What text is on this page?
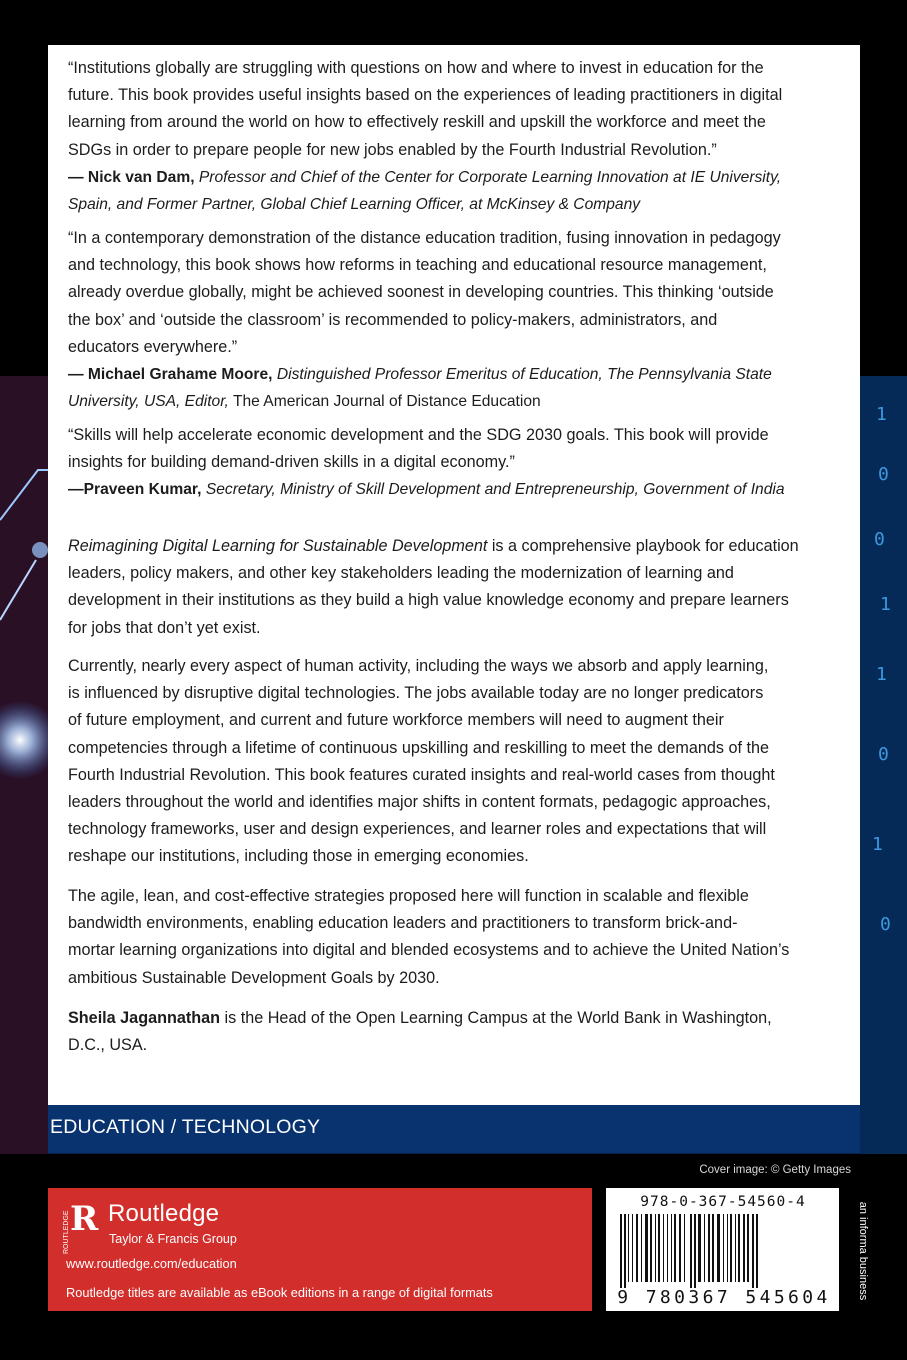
1
0
0
1
1
0
1
0
“Institutions globally are struggling with questions on how and where to invest in education for the
future. This book provides useful insights based on the experiences of leading practitioners in digital
learning from around the world on how to effectively reskill and upskill the workforce and meet the
SDGs in order to prepare people for new jobs enabled by the Fourth Industrial Revolution.”
— Nick van Dam, Professor and Chief of the Center for Corporate Learning Innovation at IE University,
Spain, and Former Partner, Global Chief Learning Officer, at McKinsey & Company
“In a contemporary demonstration of the distance education tradition, fusing innovation in pedagogy
and technology, this book shows how reforms in teaching and educational resource management,
already overdue globally, might be achieved soonest in developing countries. This thinking ‘outside
the box’ and ‘outside the classroom’ is recommended to policy-makers, administrators, and
educators everywhere.”
— Michael Grahame Moore, Distinguished Professor Emeritus of Education, The Pennsylvania State
University, USA, Editor, The American Journal of Distance Education
“Skills will help accelerate economic development and the SDG 2030 goals. This book will provide
insights for building demand-driven skills in a digital economy.”
—Praveen Kumar, Secretary, Ministry of Skill Development and Entrepreneurship, Government of India
Reimagining Digital Learning for Sustainable Development is a comprehensive playbook for education
leaders, policy makers, and other key stakeholders leading the modernization of learning and
development in their institutions as they build a high value knowledge economy and prepare learners
for jobs that don’t yet exist.
Currently, nearly every aspect of human activity, including the ways we absorb and apply learning,
is influenced by disruptive digital technologies. The jobs available today are no longer predicators
of future employment, and current and future workforce members will need to augment their
competencies through a lifetime of continuous upskilling and reskilling to meet the demands of the
Fourth Industrial Revolution. This book features curated insights and real-world cases from thought
leaders throughout the world and identifies major shifts in content formats, pedagogic approaches,
technology frameworks, user and design experiences, and learner roles and expectations that will
reshape our institutions, including those in emerging economies.
The agile, lean, and cost-effective strategies proposed here will function in scalable and flexible
bandwidth environments, enabling education leaders and practitioners to transform brick-and-
mortar learning organizations into digital and blended ecosystems and to achieve the United Nation’s
ambitious Sustainable Development Goals by 2030.
Sheila Jagannathan is the Head of the Open Learning Campus at the World Bank in Washington,
D.C., USA.
EDUCATION / TECHNOLOGY
Cover image: © Getty Images
R
ROUTLEDGE Routledge
Taylor & Francis Group
www.routledge.com/education
Routledge titles are available as eBook editions in a range of digital formats
978-0-367-54560-4
9 780367 545604	an informa business
